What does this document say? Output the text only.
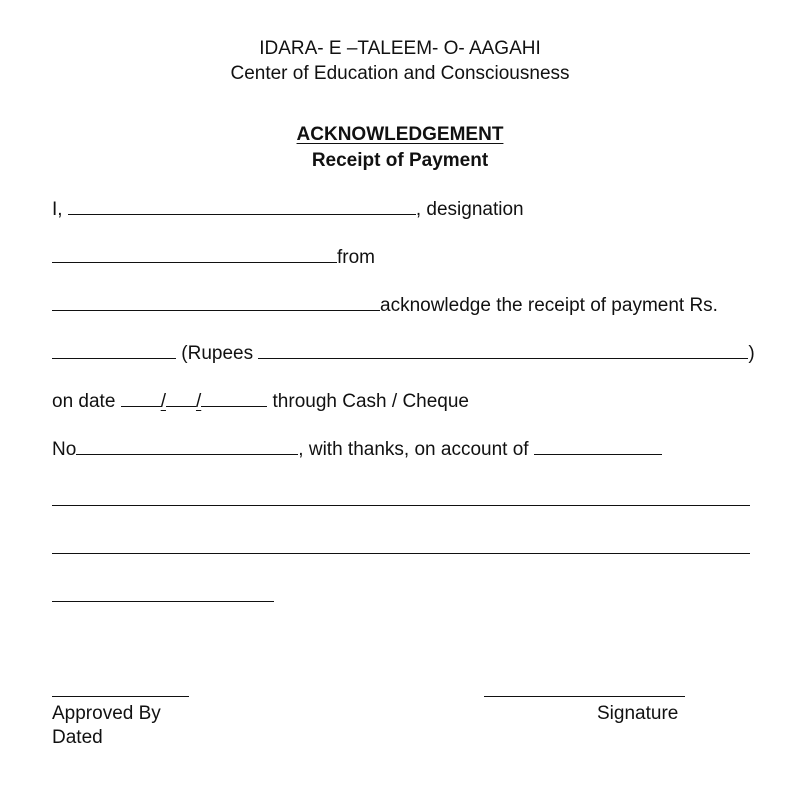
IDARA- E –TALEEM- O- AAGAHI
Center of Education and Consciousness
ACKNOWLEDGEMENT
Receipt of Payment
I,	, designation
from
acknowledge the receipt of payment Rs.
(Rupees	)
on date / /	through Cash / Cheque
No	, with thanks, on account of
Approved By
Dated
Signature
